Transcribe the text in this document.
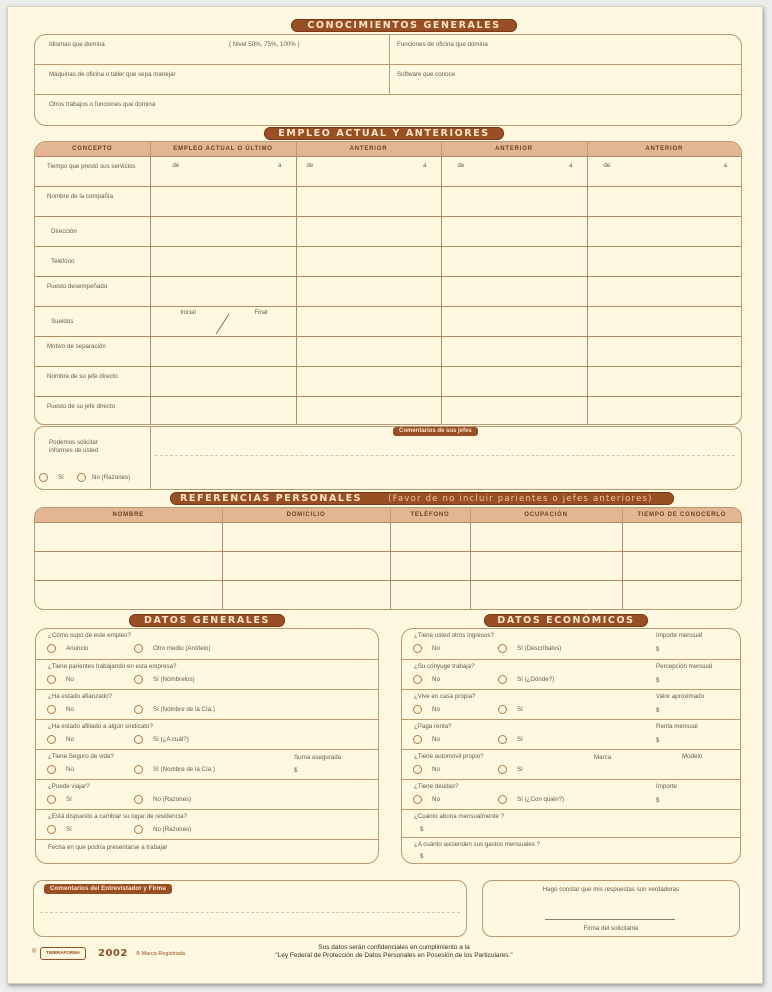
CONOCIMIENTOS GENERALES
Idiomas que domina	( Nivel 50%, 75%, 100% )	Funciones de oficina que domina
Máquinas de oficina o taller que sepa manejar	Software que conoce
Otros trabajos o funciones que domina
EMPLEO ACTUAL Y ANTERIORES
CONCEPTO	EMPLEO ACTUAL O ÚLTIMO	ANTERIOR	ANTERIOR	ANTERIOR

Tiempo que prestó sus servicios	de a	de a	de a	de a

Nombre de la compañía				

Dirección				

Teléfono				

Puesto desempeñado				

Sueldos	Inicial Final			

Motivo de separación				

Nombre de su jefe directo				

Puesto de su jefe directo				

Podemos solicitar informes de usted
Sí	No (Razones)
Comentarios de sus jefes
REFERENCIAS PERSONALES	(Favor de no incluir parientes o jefes anteriores)
NOMBRE	DOMICILIO	TELÉFONO	OCUPACIÓN	TIEMPO DE CONOCERLO

DATOS GENERALES
¿Cómo supo de este empleo?
Anuncio	Otro medio (Anótelo)
¿Tiene parientes trabajando en esta empresa?
No	Sí (Nómbrelos)
¿Ha estado afianzado?
No	Sí (Nombre de la Cía.)
¿Ha estado afiliado a algún sindicato?
No	Sí (¿A cuál?)
¿Tiene Seguro de vida?	Suma asegurada
$
No	Sí (Nombre de la Cía.)
¿Puede viajar?
Sí	No (Razones)
¿Está dispuesto a cambiar su lugar de residencia?
Sí	No (Razones)
Fecha en que podría presentarse a trabajar
DATOS ECONÓMICOS
¿Tiene usted otros ingresos?	Importe mensual
$
No	Sí (Descríbalos)
¿Su cónyuge trabaja?	Percepción mensual
$
No	Sí (¿Dónde?)
¿Vive en casa propia?	Valor aproximado
$
No	Sí
¿Paga renta?	Renta mensual
$
No	Sí
¿Tiene automóvil propio?	Marca	Modelo
No	Sí
¿Tiene deudas?	Importe
$
No	Sí (¿Con quién?)
¿Cuánto abona mensualmente ?
$
¿A cuánto ascienden sus gastos mensuales ?
$
Comentarios del Entrevistador y Firma	Hago constar que mis respuestas son verdaderas
Firma del solicitante
®	TIMBRAFORMA	2002 ® Marca Registrada
Sus datos serán confidenciales en cumplimiento a la
"Ley Federal de Protección de Datos Personales en Posesión de los Particulares."
